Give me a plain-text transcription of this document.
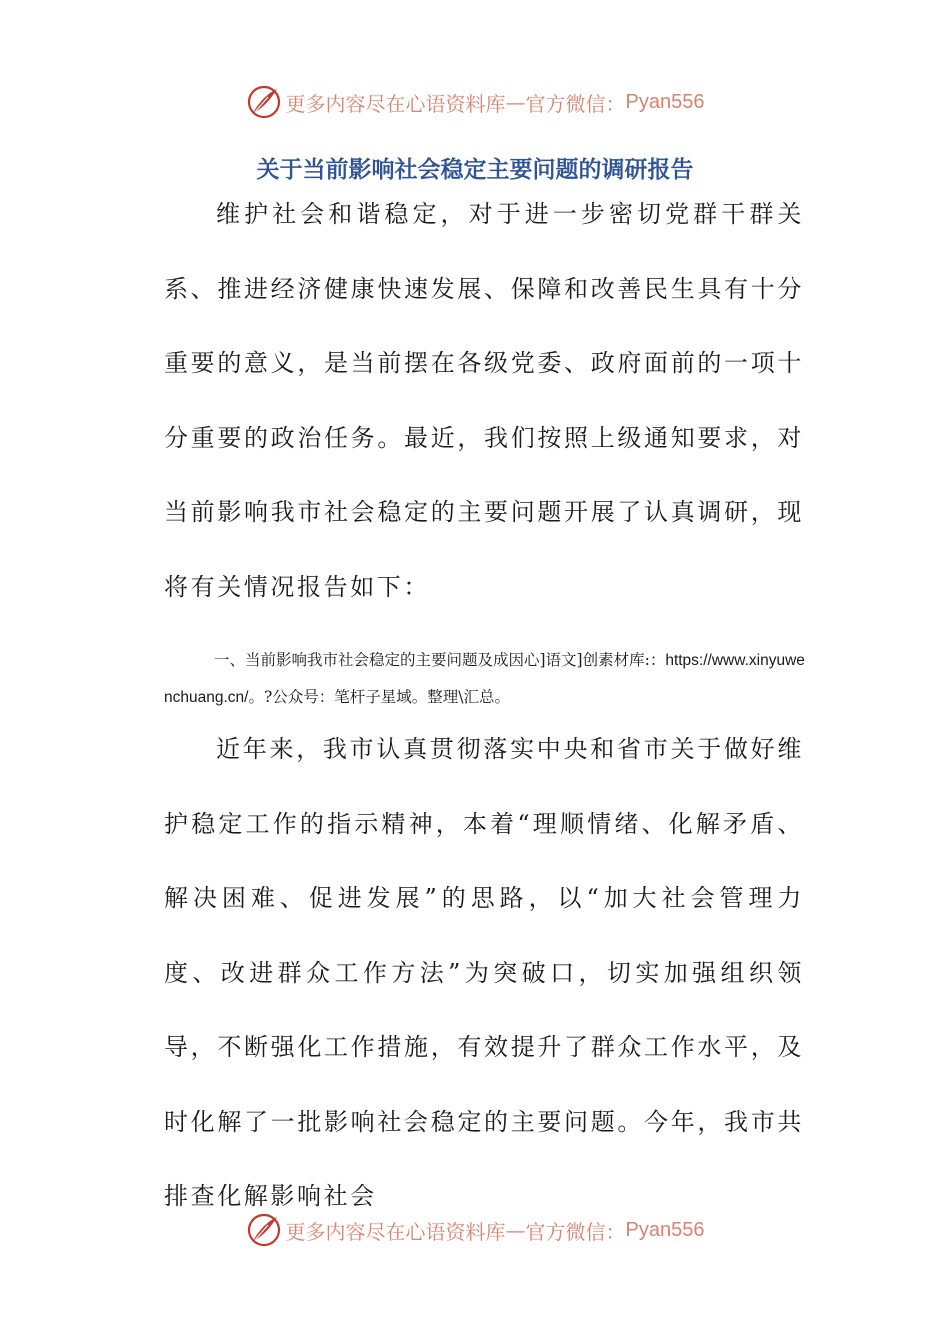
更多内容尽在心语资料库 — 官方微信： Pyan556
关于当前影响社会稳定主要问题的调研报告

维护社会和谐稳定，对于进一步密切党群干群关系、推进经济健康快速发展、保障和改善民生具有十分重要的意义，是当前摆在各级党委、政府面前的一项十分重要的政治任务。最近，我们按照上级通知要求，对当前影响我市社会稳定的主要问题开展了认真调研，现将有关情况报告如下：

一、当前影响我市社会稳定的主要问题及成因心]语文]创素材库:：https://www.xinyuwenchuang.cn/。?公众号：笔杆子星域。整理\汇总。

近年来，我市认真贯彻落实中央和省市关于做好维护稳定工作的指示精神，本着“理顺情绪、化解矛盾、解决困难、促进发展”的思路，以“加大社会管理力度、改进群众工作方法”为突破口，切实加强组织领导，不断强化工作措施，有效提升了群众工作水平，及时化解了一批影响社会稳定的主要问题。今年，我市共排查化解影响社会

更多内容尽在心语资料库 — 官方微信： Pyan556
